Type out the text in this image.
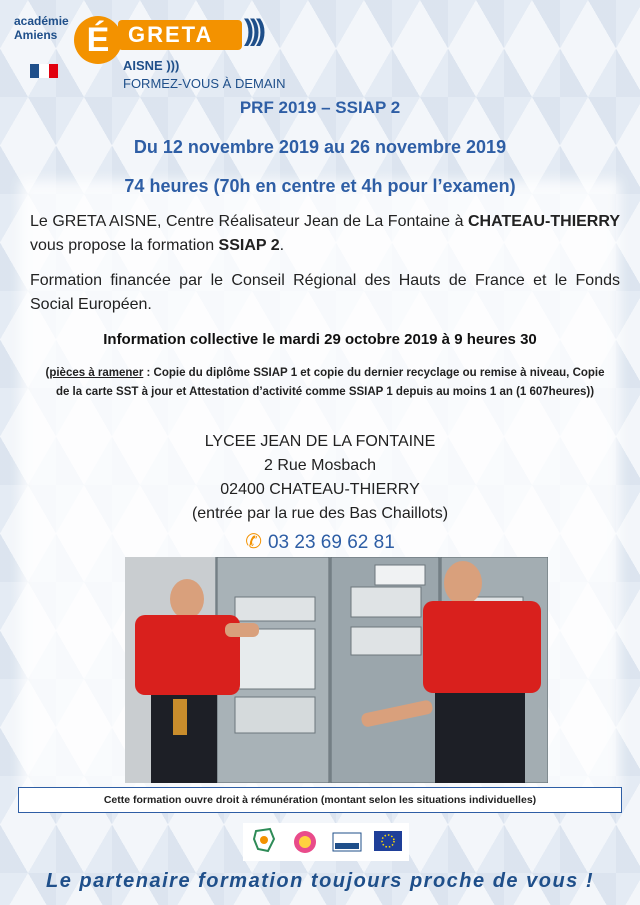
académie Amiens É GRETA	)))
AISNE )))
FORMEZ-VOUS À DEMAIN
PRF 2019 – SSIAP 2
Du 12 novembre 2019 au 26 novembre 2019
74 heures (70h en centre et 4h pour l’examen)
Le GRETA AISNE, Centre Réalisateur Jean de La Fontaine à CHATEAU-THIERRY vous propose la formation SSIAP 2.
Formation financée par le Conseil Régional des Hauts de France et le Fonds Social Européen.
Information collective le mardi 29 octobre 2019 à 9 heures 30
(pièces à ramener : Copie du diplôme SSIAP 1 et copie du dernier recyclage ou remise à niveau, Copie de la carte SST à jour et Attestation d’activité comme SSIAP 1 depuis au moins 1 an (1 607heures))
LYCEE JEAN DE LA FONTAINE
2 Rue Mosbach
02400 CHATEAU-THIERRY
(entrée par la rue des Bas Chaillots)
✆ 03 23 69 62 81
Cette formation ouvre droit à rémunération (montant selon les situations individuelles)
Le partenaire formation toujours proche de vous !
